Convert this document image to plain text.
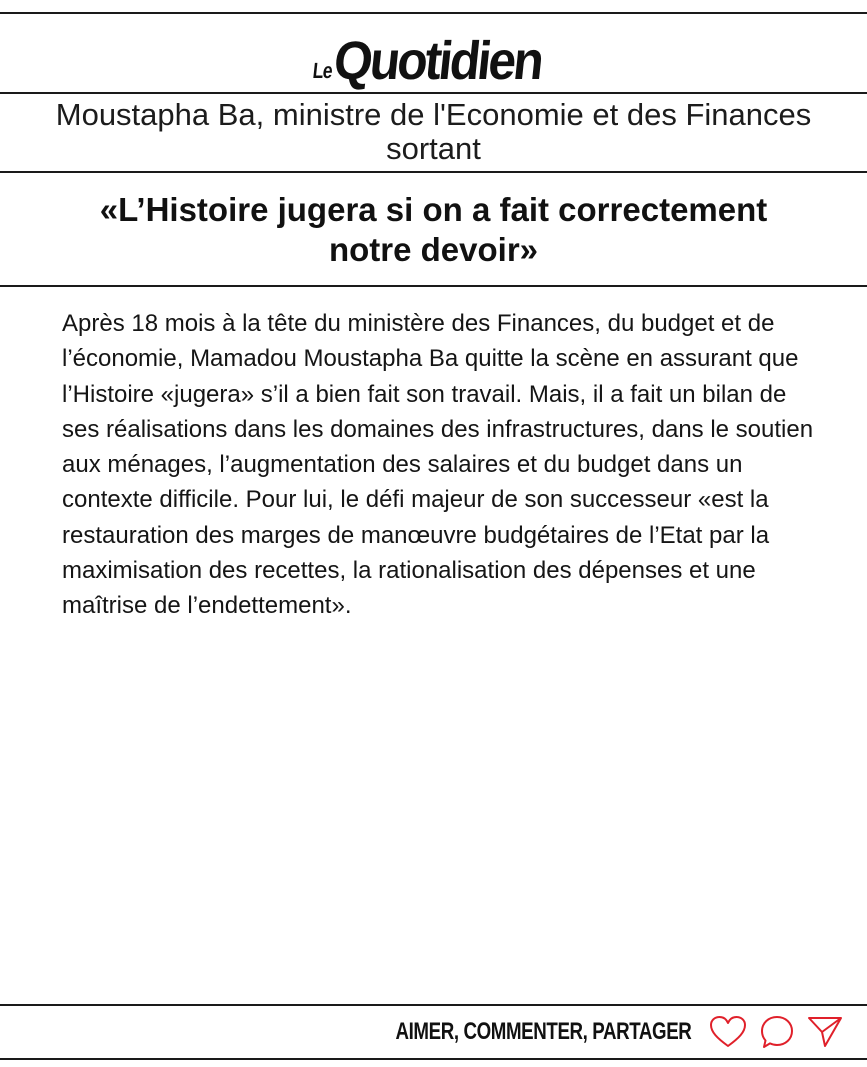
Le
Quotidien
Moustapha Ba, ministre de l'Economie et des Finances sortant
«L’Histoire jugera si on a fait correctement notre devoir»

Après 18 mois à la tête du ministère des Finances, du budget et de l’économie, Mamadou Moustapha Ba quitte la scène en assurant que l’Histoire «jugera» s’il a bien fait son travail. Mais, il a fait un bilan de ses réalisations dans les domaines des infrastructures, dans le soutien aux ménages, l’augmentation des salaires et du budget dans un contexte difficile. Pour lui, le défi majeur de son successeur «est la restauration des marges de manœuvre budgétaires de l’Etat par la maximisation des recettes, la rationalisation des dépenses et une maîtrise de l’endettement».

AIMER, COMMENTER, PARTAGER
